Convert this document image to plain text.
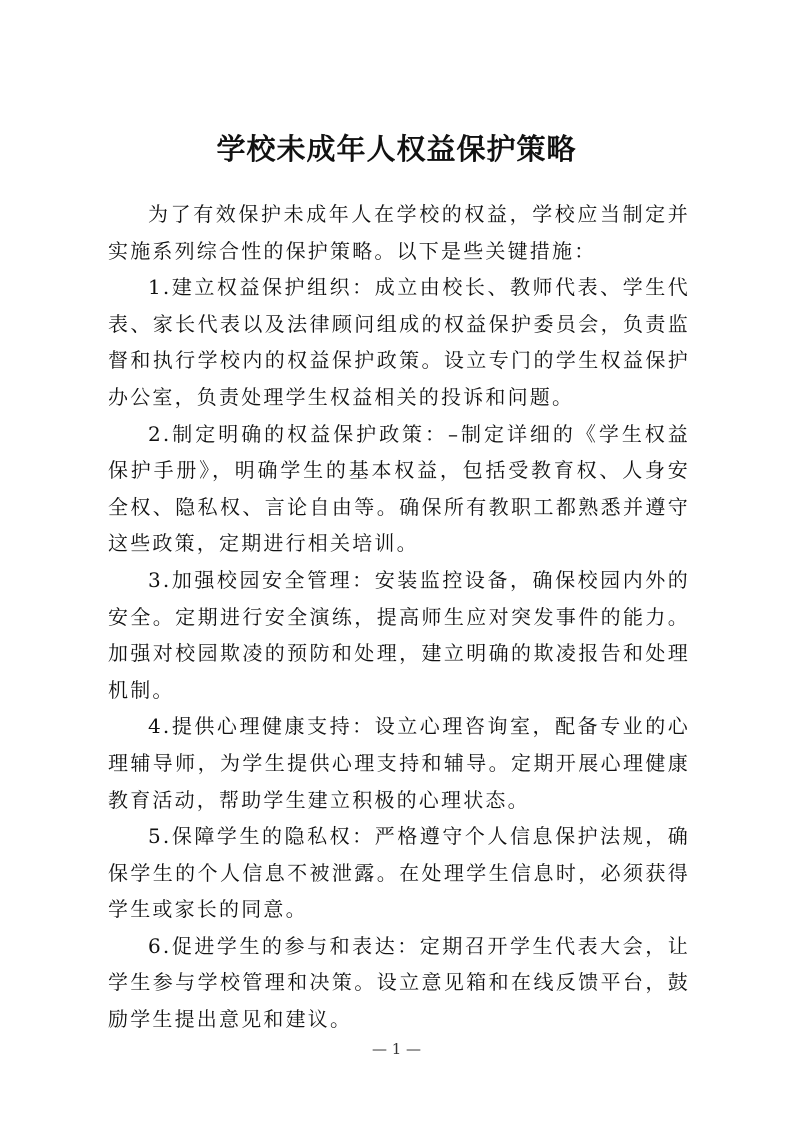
学校未成年人权益保护策略

为了有效保护未成年人在学校的权益，学校应当制定并实施系列综合性的保护策略。以下是些关键措施：

1.建立权益保护组织：成立由校长、教师代表、学生代表、家长代表以及法律顾问组成的权益保护委员会，负责监督和执行学校内的权益保护政策。设立专门的学生权益保护办公室，负责处理学生权益相关的投诉和问题。

2.制定明确的权益保护政策：–制定详细的《学生权益保护手册》，明确学生的基本权益，包括受教育权、人身安全权、隐私权、言论自由等。确保所有教职工都熟悉并遵守这些政策，定期进行相关培训。

3.加强校园安全管理：安装监控设备，确保校园内外的安全。定期进行安全演练，提高师生应对突发事件的能力。加强对校园欺凌的预防和处理，建立明确的欺凌报告和处理机制。

4.提供心理健康支持：设立心理咨询室，配备专业的心理辅导师，为学生提供心理支持和辅导。定期开展心理健康教育活动，帮助学生建立积极的心理状态。

5.保障学生的隐私权：严格遵守个人信息保护法规，确保学生的个人信息不被泄露。在处理学生信息时，必须获得学生或家长的同意。

6.促进学生的参与和表达：定期召开学生代表大会，让学生参与学校管理和决策。设立意见箱和在线反馈平台，鼓励学生提出意见和建议。

— 1 —
